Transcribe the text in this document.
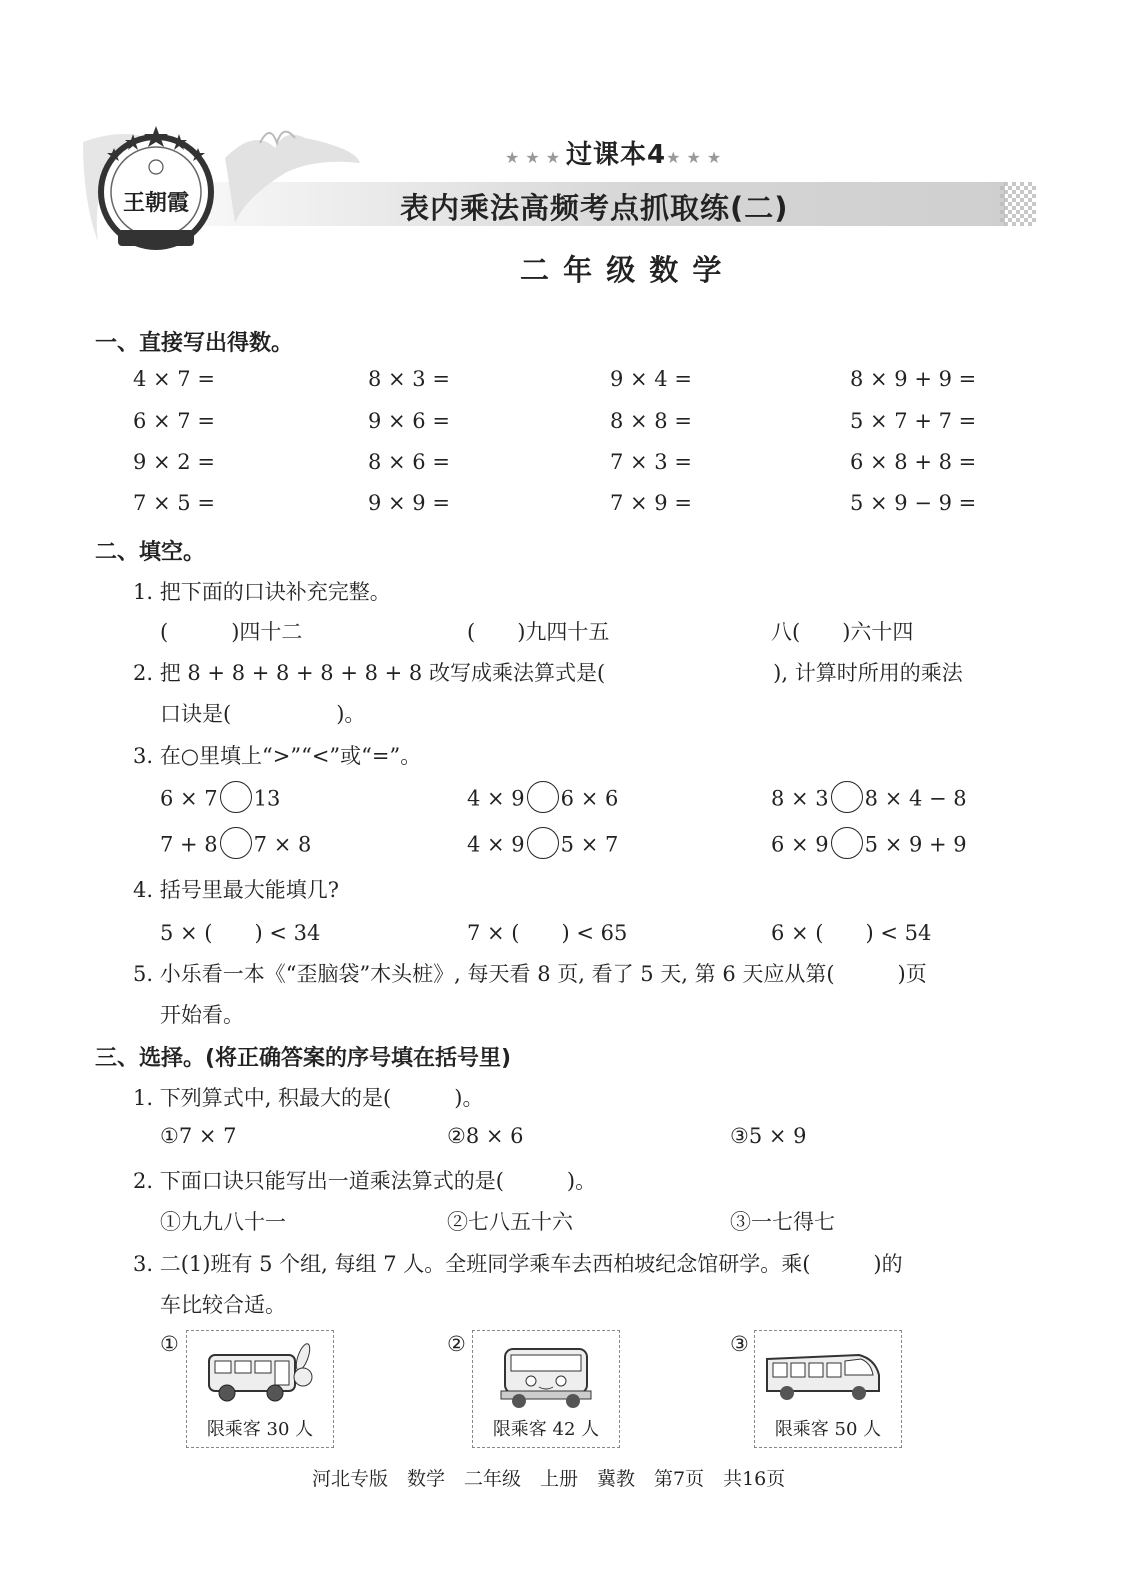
王朝霞
★★★过课本4★★★
表内乘法高频考点抓取练(二)
二 年 级 数 学
一、直接写出得数。
4 × 7 =	8 × 3 =	9 × 4 =	8 × 9 + 9 =
6 × 7 =	9 × 6 =	8 × 8 =	5 × 7 + 7 =
9 × 2 =	8 × 6 =	7 × 3 =	6 × 8 + 8 =
7 × 5 =	9 × 9 =	7 × 9 =	5 × 9 − 9 =
二、填空。
1. 把下面的口诀补充完整。
(　　　)四十二	(　　)九四十五	八(　　)六十四
2. 把 8 + 8 + 8 + 8 + 8 + 8 改写成乘法算式是(　　　　　　　　), 计算时所用的乘法
口诀是(　　　　　)。
3. 在○里填上“>”“<”或“=”。
6 × 7 13	4 × 9 6 × 6	8 × 3 8 × 4 − 8
7 + 8 7 × 8	4 × 9 5 × 7	6 × 9 5 × 9 + 9
4. 括号里最大能填几?
5 × (　　) < 34	7 × (　　) < 65	6 × (　　) < 54
5. 小乐看一本《“歪脑袋”木头桩》, 每天看 8 页, 看了 5 天, 第 6 天应从第(　　　)页
开始看。
三、选择。(将正确答案的序号填在括号里)
1. 下列算式中, 积最大的是(　　　)。
①7 × 7	②8 × 6	③5 × 9
2. 下面口诀只能写出一道乘法算式的是(　　　)。
①九九八十一	②七八五十六	③一七得七
3. 二(1)班有 5 个组, 每组 7 人。全班同学乘车去西柏坡纪念馆研学。乘(　　　)的
车比较合适。
①
限乘客 30 人
②
限乘客 42 人
③
限乘客 50 人
河北专版　数学　二年级　上册　冀教　第7页　共16页
